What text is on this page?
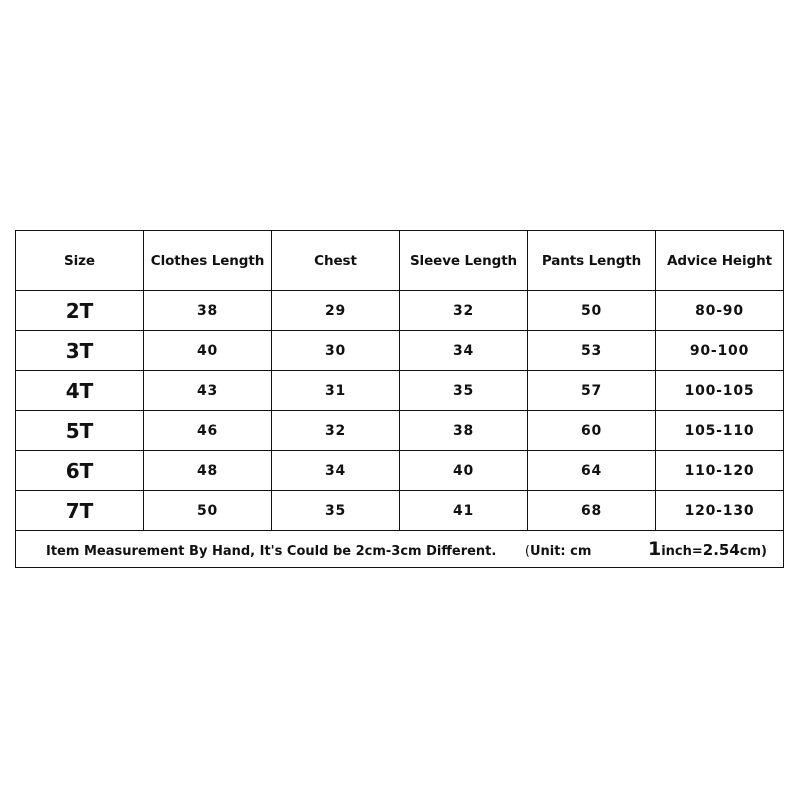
Size	Clothes Length	Chest	Sleeve Length	Pants Length	Advice Height
2T	38	29	32	50	80-90
3T	40	30	34	53	90-100
4T	43	31	35	57	100-105
5T	46	32	38	60	105-110
6T	48	34	40	64	110-120
7T	50	35	41	68	120-130
Item Measurement By Hand, It's Could be 2cm-3cm Different. (Unit: cm 1inch=2.54cm)					
